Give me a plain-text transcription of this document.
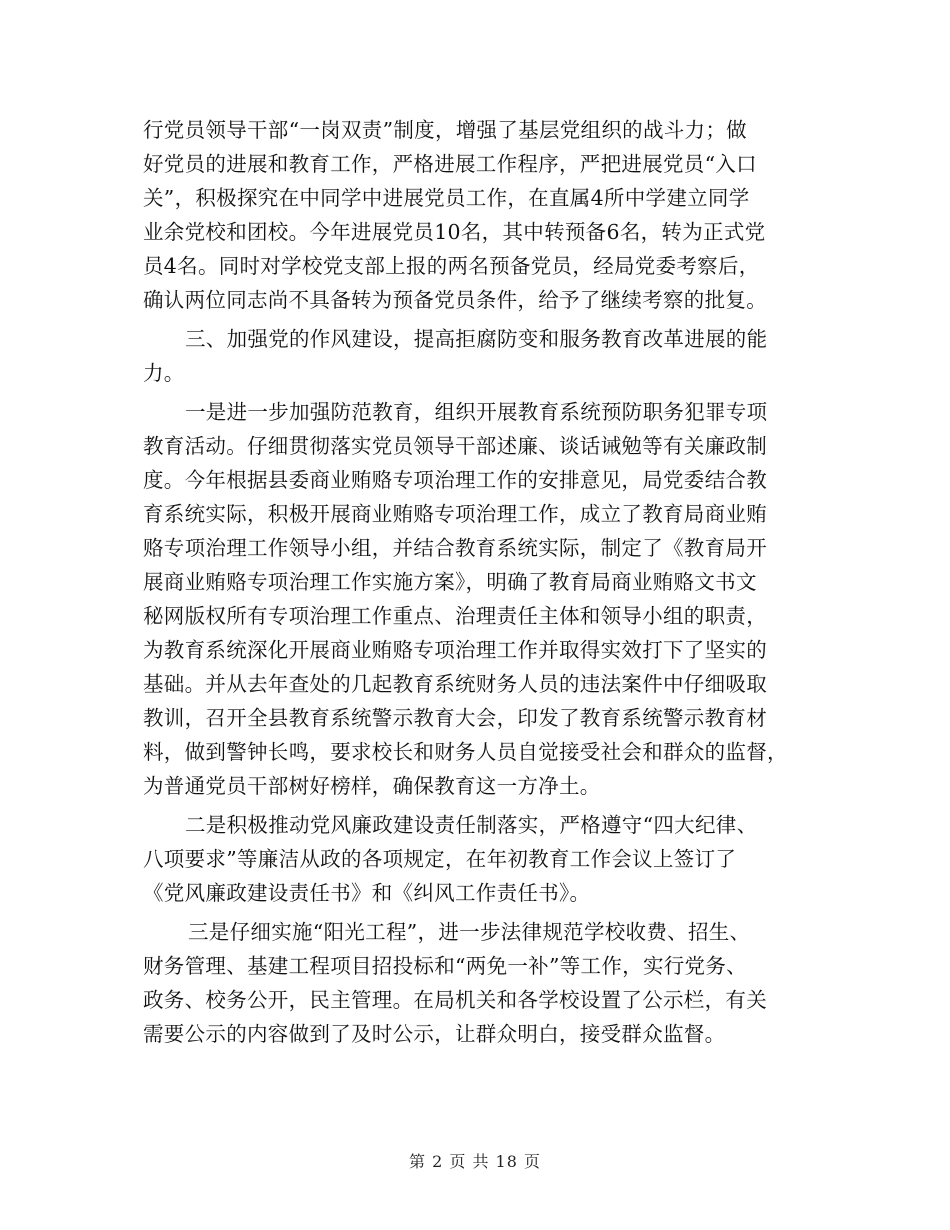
行党员领导干部“一岗双责”制度，增强了基层党组织的战斗力；做
好党员的进展和教育工作，严格进展工作程序，严把进展党员“入口
关”，积极探究在中同学中进展党员工作，在直属4所中学建立同学
业余党校和团校。今年进展党员10名，其中转预备6名，转为正式党
员4名。同时对学校党支部上报的两名预备党员，经局党委考察后，
确认两位同志尚不具备转为预备党员条件，给予了继续考察的批复。
三、加强党的作风建设，提高拒腐防变和服务教育改革进展的能
力。
一是进一步加强防范教育，组织开展教育系统预防职务犯罪专项
教育活动。仔细贯彻落实党员领导干部述廉、谈话诫勉等有关廉政制
度。今年根据县委商业贿赂专项治理工作的安排意见，局党委结合教
育系统实际，积极开展商业贿赂专项治理工作，成立了教育局商业贿
赂专项治理工作领导小组，并结合教育系统实际，制定了《教育局开
展商业贿赂专项治理工作实施方案》，明确了教育局商业贿赂文书文
秘网版权所有专项治理工作重点、治理责任主体和领导小组的职责，
为教育系统深化开展商业贿赂专项治理工作并取得实效打下了坚实的
基础。并从去年查处的几起教育系统财务人员的违法案件中仔细吸取
教训，召开全县教育系统警示教育大会，印发了教育系统警示教育材
料，做到警钟长鸣，要求校长和财务人员自觉接受社会和群众的监督，
为普通党员干部树好榜样，确保教育这一方净土。
二是积极推动党风廉政建设责任制落实，严格遵守“四大纪律、
八项要求”等廉洁从政的各项规定，在年初教育工作会议上签订了
《党风廉政建设责任书》和《纠风工作责任书》。
三是仔细实施“阳光工程”，进一步法律规范学校收费、招生、
财务管理、基建工程项目招投标和“两免一补”等工作，实行党务、
政务、校务公开，民主管理。在局机关和各学校设置了公示栏，有关
需要公示的内容做到了及时公示，让群众明白，接受群众监督。
第 2 页 共 18 页
